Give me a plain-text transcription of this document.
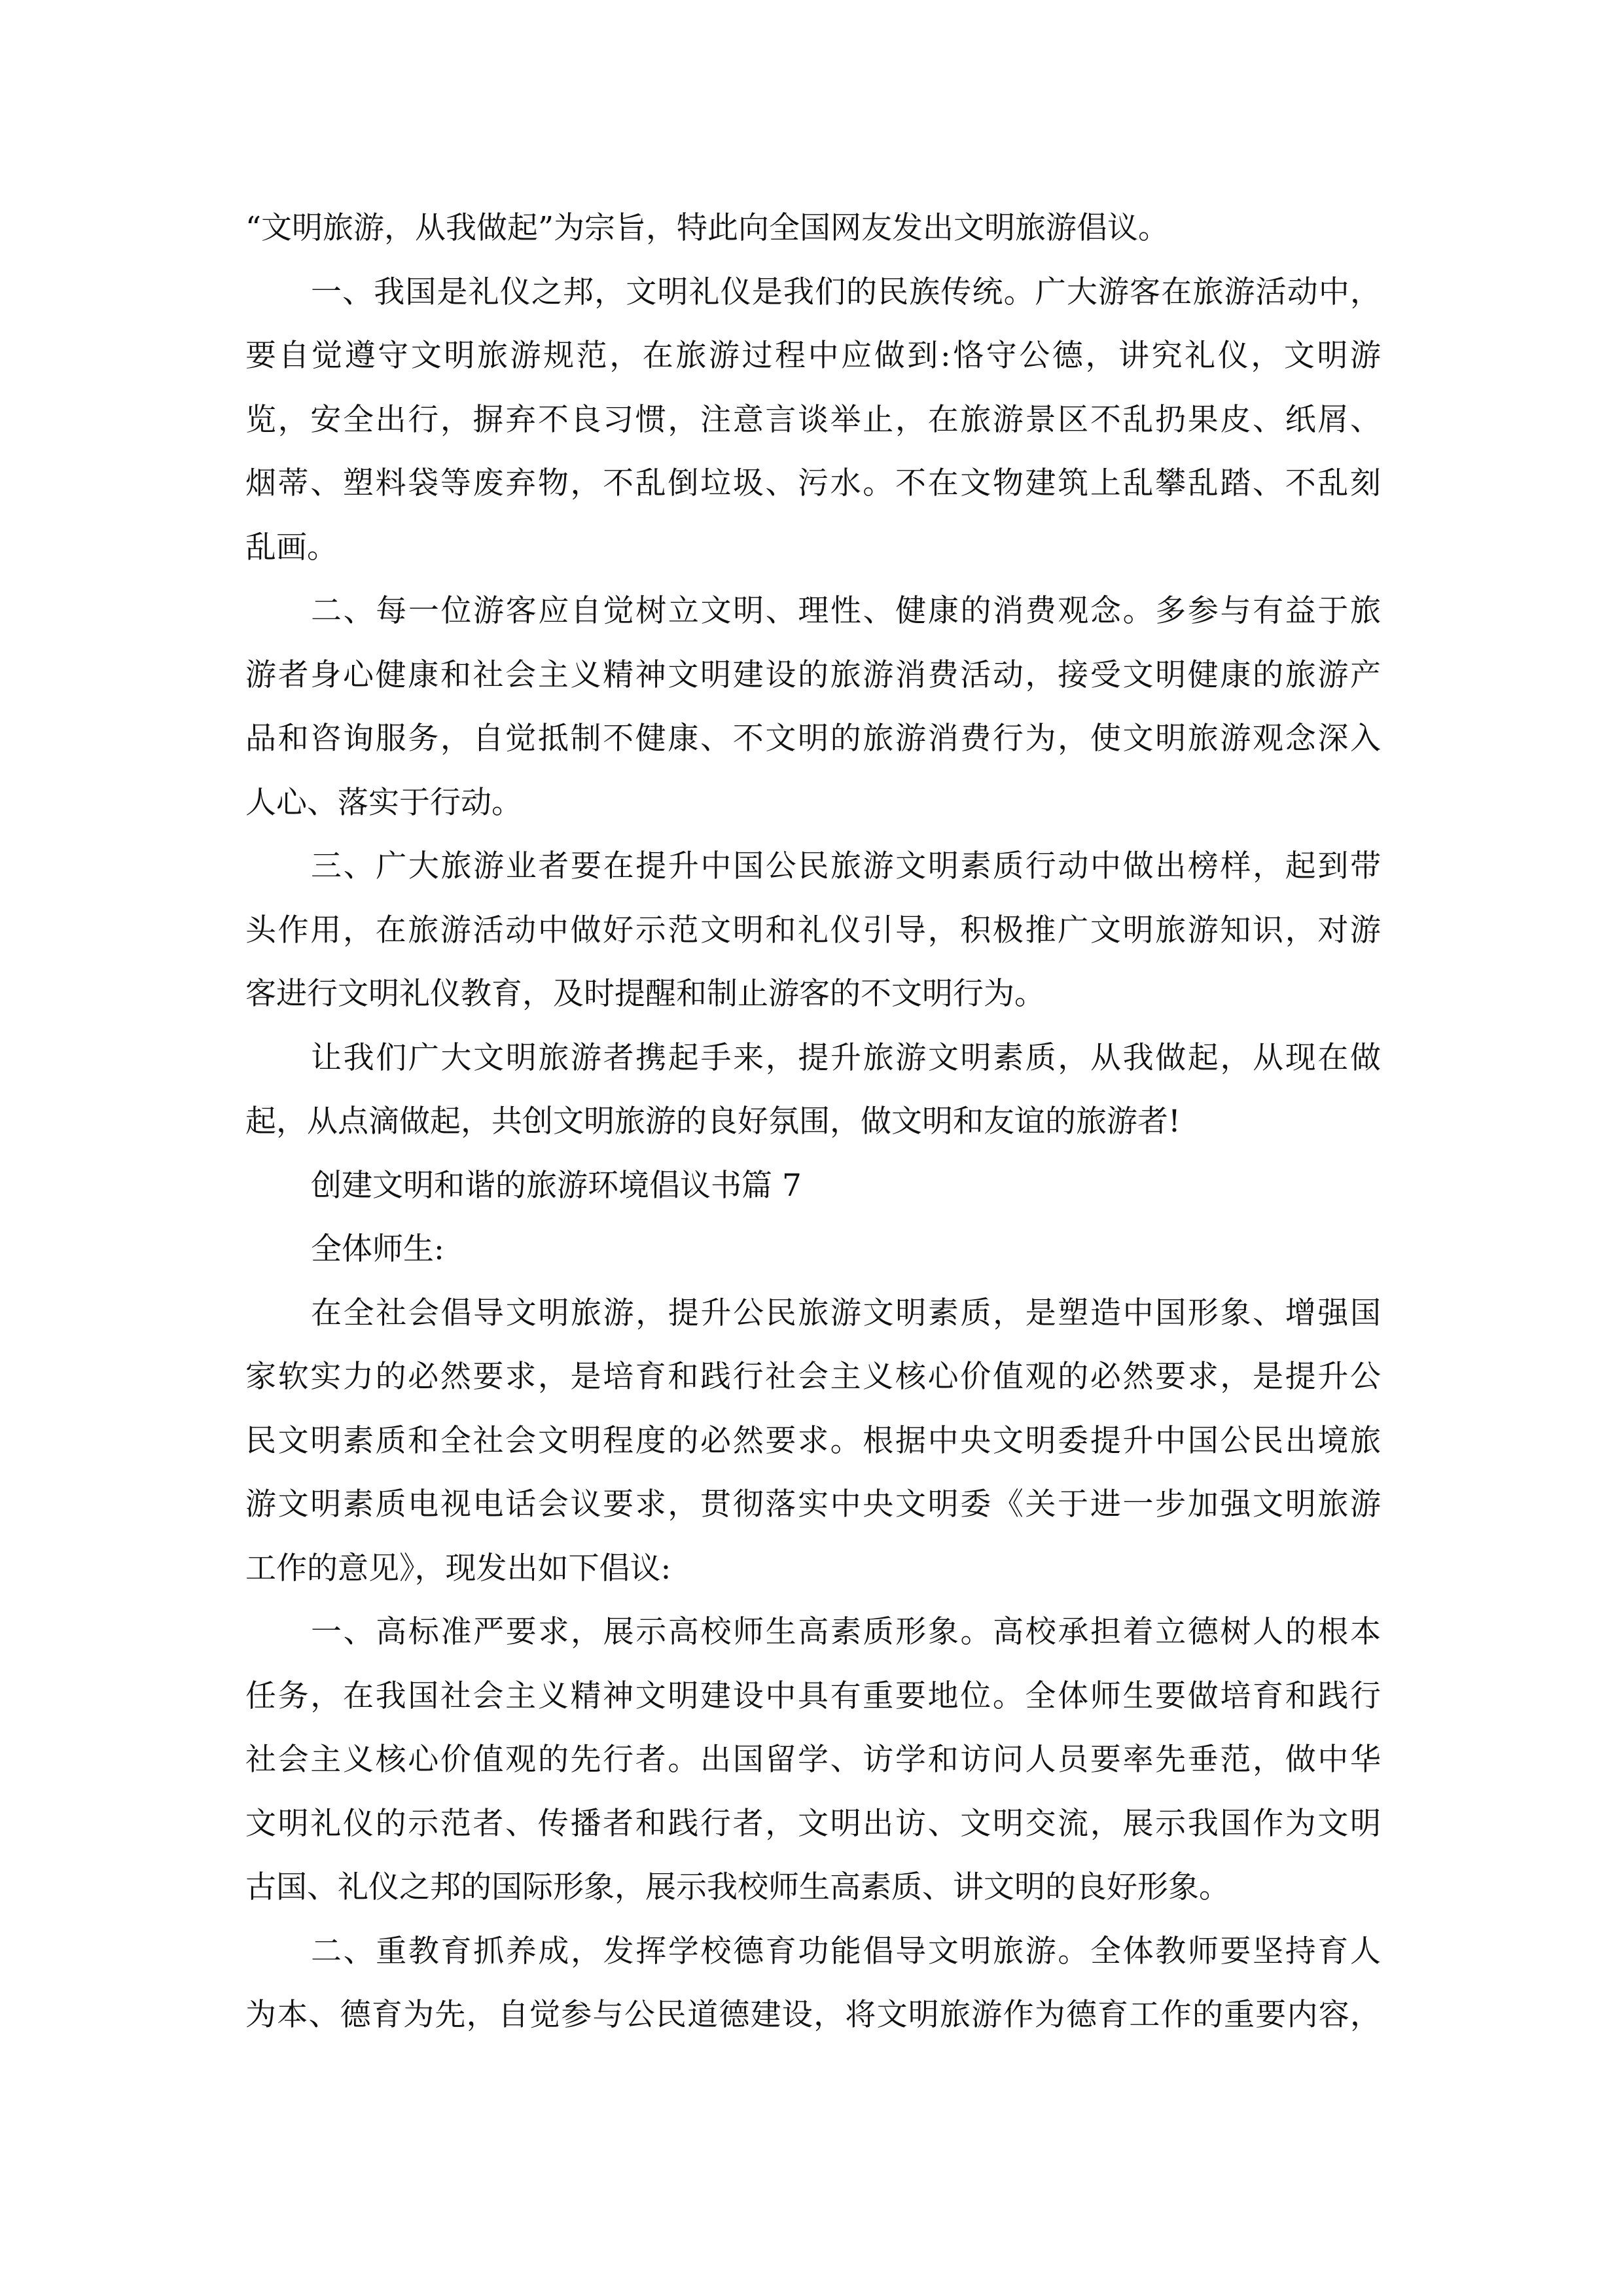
“文明旅游，从我做起”为宗旨，特此向全国网友发出文明旅游倡议。
一、我国是礼仪之邦，文明礼仪是我们的民族传统。广大游客在旅游活动中，
要自觉遵守文明旅游规范，在旅游过程中应做到:恪守公德，讲究礼仪，文明游
览，安全出行，摒弃不良习惯，注意言谈举止，在旅游景区不乱扔果皮、纸屑、
烟蒂、塑料袋等废弃物，不乱倒垃圾、污水。不在文物建筑上乱攀乱踏、不乱刻
乱画。
二、每一位游客应自觉树立文明、理性、健康的消费观念。多参与有益于旅
游者身心健康和社会主义精神文明建设的旅游消费活动，接受文明健康的旅游产
品和咨询服务，自觉抵制不健康、不文明的旅游消费行为，使文明旅游观念深入
人心、落实于行动。
三、广大旅游业者要在提升中国公民旅游文明素质行动中做出榜样，起到带
头作用，在旅游活动中做好示范文明和礼仪引导，积极推广文明旅游知识，对游
客进行文明礼仪教育，及时提醒和制止游客的不文明行为。
让我们广大文明旅游者携起手来，提升旅游文明素质，从我做起，从现在做
起，从点滴做起，共创文明旅游的良好氛围，做文明和友谊的旅游者!
创建文明和谐的旅游环境倡议书篇 7
全体师生:
在全社会倡导文明旅游，提升公民旅游文明素质，是塑造中国形象、增强国
家软实力的必然要求，是培育和践行社会主义核心价值观的必然要求，是提升公
民文明素质和全社会文明程度的必然要求。根据中央文明委提升中国公民出境旅
游文明素质电视电话会议要求，贯彻落实中央文明委《关于进一步加强文明旅游
工作的意见》，现发出如下倡议:
一、高标准严要求，展示高校师生高素质形象。高校承担着立德树人的根本
任务，在我国社会主义精神文明建设中具有重要地位。全体师生要做培育和践行
社会主义核心价值观的先行者。出国留学、访学和访问人员要率先垂范，做中华
文明礼仪的示范者、传播者和践行者，文明出访、文明交流，展示我国作为文明
古国、礼仪之邦的国际形象，展示我校师生高素质、讲文明的良好形象。
二、重教育抓养成，发挥学校德育功能倡导文明旅游。全体教师要坚持育人
为本、德育为先，自觉参与公民道德建设，将文明旅游作为德育工作的重要内容，
